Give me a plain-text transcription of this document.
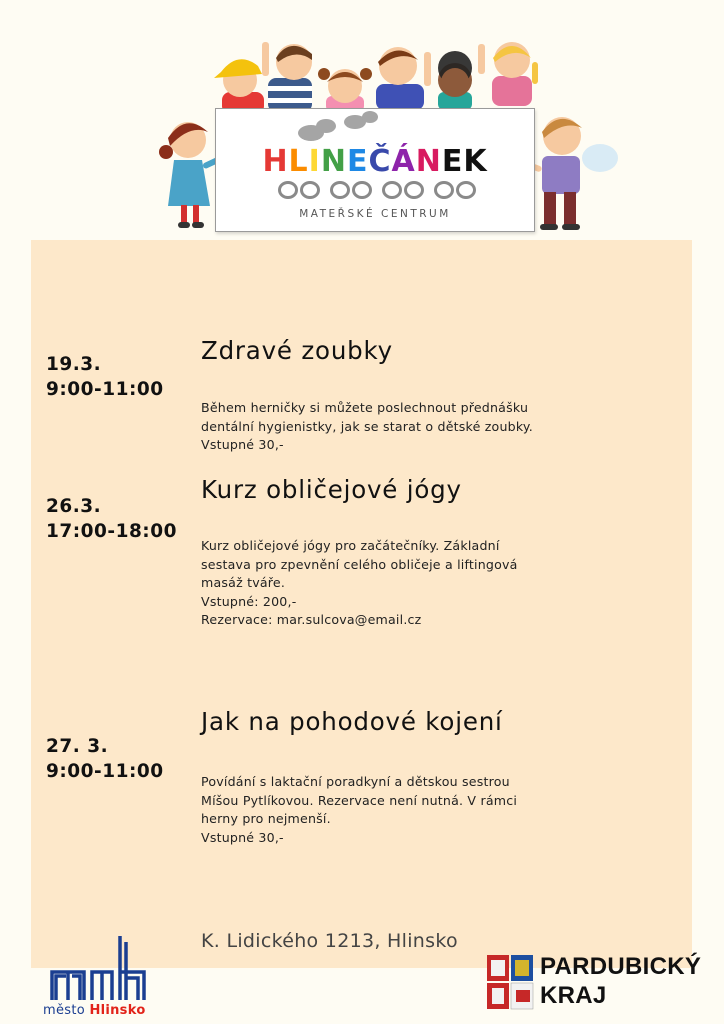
HLINEČÁNEK
MATEŘSKÉ CENTRUM
19.3.
9:00-11:00
Zdravé zoubky
Během herničky si můžete poslechnout přednášku
dentální hygienistky, jak se starat o dětské zoubky.
Vstupné 30,-
26.3.
17:00-18:00
Kurz obličejové jógy
Kurz obličejové jógy pro začátečníky. Základní
sestava pro zpevnění celého obličeje a liftingová
masáž tváře.
Vstupné: 200,-
Rezervace: mar.sulcova@email.cz
27. 3.
9:00-11:00
Jak na pohodové kojení
Povídání s laktační poradkyní a dětskou sestrou
Míšou Pytlíkovou. Rezervace není nutná. V rámci
herny pro nejmenší.
Vstupné 30,-
K. Lidického 1213, Hlinsko
město Hlinsko
PARDUBICKÝ
KRAJ
